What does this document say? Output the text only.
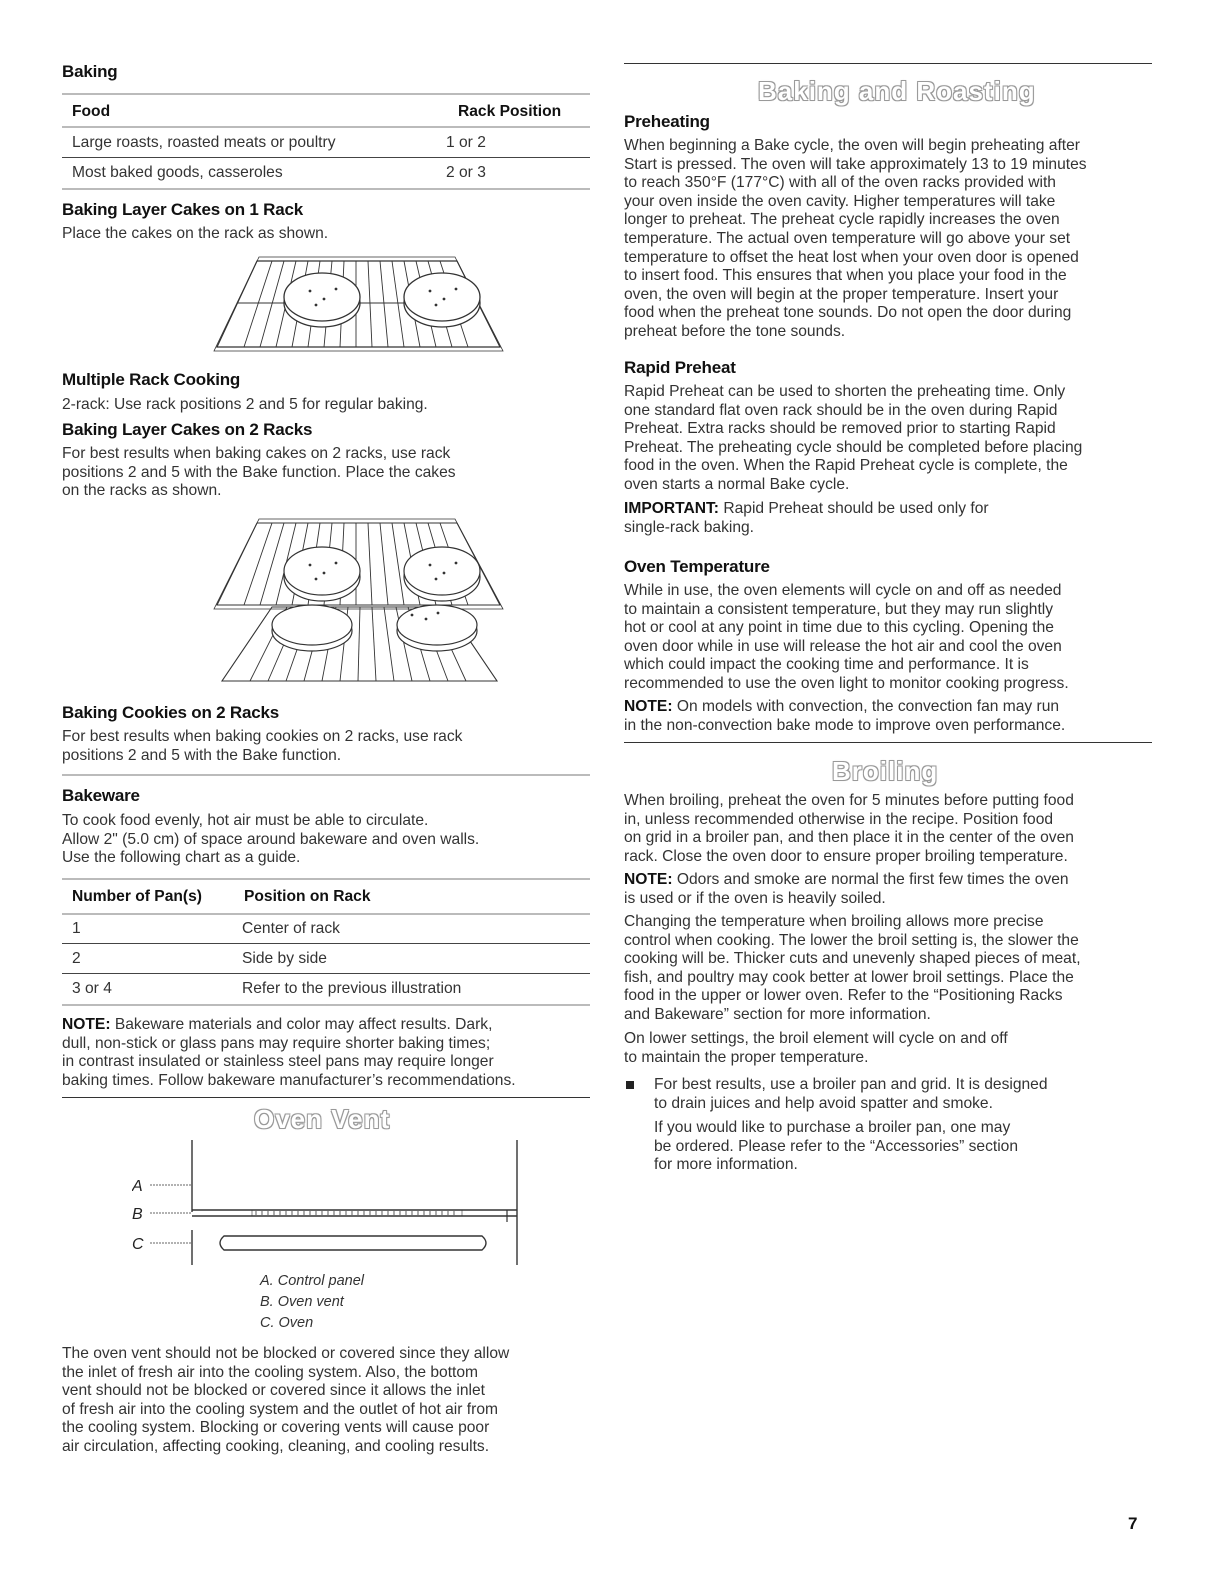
Baking
Food	Rack Position
Large roasts, roasted meats or poultry	1 or 2
Most baked goods, casseroles	2 or 3
Baking Layer Cakes on 1 Rack

Place the cakes on the rack as shown.

Multiple Rack Cooking

2-rack: Use rack positions 2 and 5 for regular baking.

Baking Layer Cakes on 2 Racks

For best results when baking cakes on 2 racks, use rack

positions 2 and 5 with the Bake function. Place the cakes

on the racks as shown.

Baking Cookies on 2 Racks

For best results when baking cookies on 2 racks, use rack

positions 2 and 5 with the Bake function.

Bakeware

To cook food evenly, hot air must be able to circulate.

Allow 2" (5.0 cm) of space around bakeware and oven walls.

Use the following chart as a guide.

Number of Pan(s)	Position on Rack
1	Center of rack
2	Side by side
3 or 4	Refer to the previous illustration

NOTE: Bakeware materials and color may affect results. Dark,

dull, non-stick or glass pans may require shorter baking times;

in contrast insulated or stainless steel pans may require longer

baking times. Follow bakeware manufacturer’s recommendations.

Oven Vent
A
B
C
A. Control panel
B. Oven vent
C. Oven

The oven vent should not be blocked or covered since they allow

the inlet of fresh air into the cooling system. Also, the bottom

vent should not be blocked or covered since it allows the inlet

of fresh air into the cooling system and the outlet of hot air from

the cooling system. Blocking or covering vents will cause poor

air circulation, affecting cooking, cleaning, and cooling results.

Baking and Roasting
Preheating

When beginning a Bake cycle, the oven will begin preheating after

Start is pressed. The oven will take approximately 13 to 19 minutes

to reach 350°F (177°C) with all of the oven racks provided with

your oven inside the oven cavity. Higher temperatures will take

longer to preheat. The preheat cycle rapidly increases the oven

temperature. The actual oven temperature will go above your set

temperature to offset the heat lost when your oven door is opened

to insert food. This ensures that when you place your food in the

oven, the oven will begin at the proper temperature. Insert your

food when the preheat tone sounds. Do not open the door during

preheat before the tone sounds.

Rapid Preheat

Rapid Preheat can be used to shorten the preheating time. Only

one standard flat oven rack should be in the oven during Rapid

Preheat. Extra racks should be removed prior to starting Rapid

Preheat. The preheating cycle should be completed before placing

food in the oven. When the Rapid Preheat cycle is complete, the

oven starts a normal Bake cycle.

IMPORTANT: Rapid Preheat should be used only for

single-rack baking.

Oven Temperature

While in use, the oven elements will cycle on and off as needed

to maintain a consistent temperature, but they may run slightly

hot or cool at any point in time due to this cycling. Opening the

oven door while in use will release the hot air and cool the oven

which could impact the cooking time and performance. It is

recommended to use the oven light to monitor cooking progress.

NOTE: On models with convection, the convection fan may run

in the non-convection bake mode to improve oven performance.

Broiling

When broiling, preheat the oven for 5 minutes before putting food

in, unless recommended otherwise in the recipe. Position food

on grid in a broiler pan, and then place it in the center of the oven

rack. Close the oven door to ensure proper broiling temperature.

NOTE: Odors and smoke are normal the first few times the oven

is used or if the oven is heavily soiled.

Changing the temperature when broiling allows more precise

control when cooking. The lower the broil setting is, the slower the

cooking will be. Thicker cuts and unevenly shaped pieces of meat,

fish, and poultry may cook better at lower broil settings. Place the

food in the upper or lower oven. Refer to the “Positioning Racks

and Bakeware” section for more information.

On lower settings, the broil element will cycle on and off

to maintain the proper temperature.

For best results, use a broiler pan and grid. It is designed

to drain juices and help avoid spatter and smoke.

If you would like to purchase a broiler pan, one may

be ordered. Please refer to the “Accessories” section

for more information.

7
